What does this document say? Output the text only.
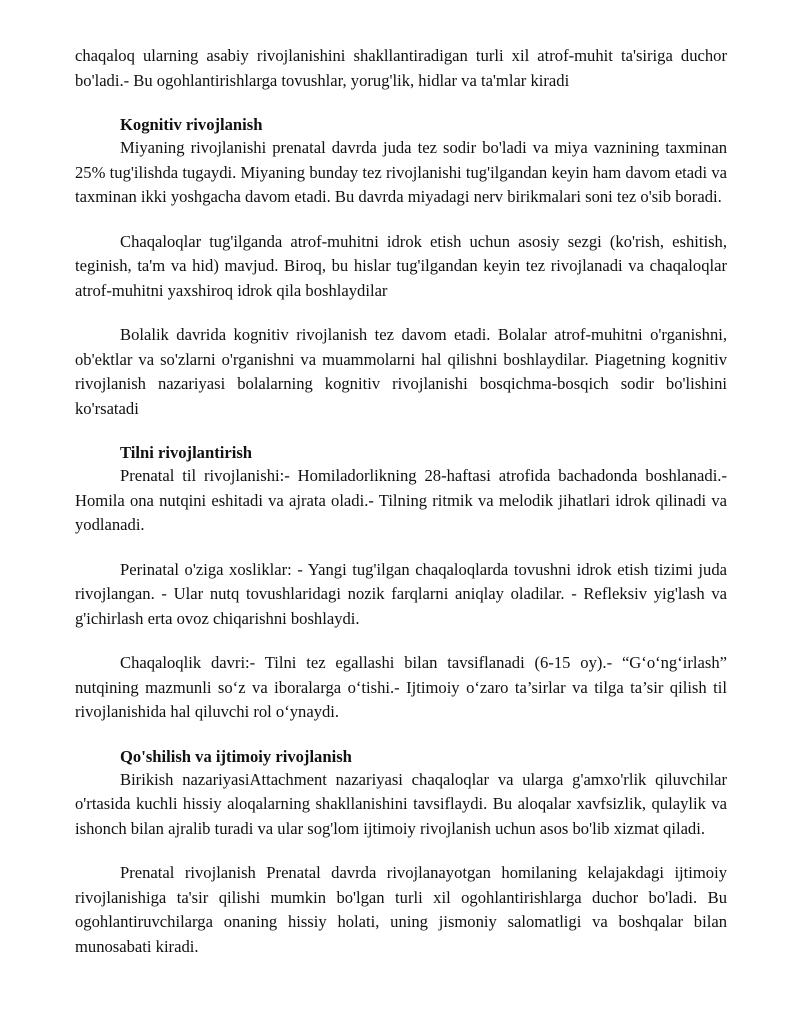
chaqaloq ularning asabiy rivojlanishini shakllantiradigan turli xil atrof-muhit ta'siriga duchor bo'ladi.- Bu ogohlantirishlarga tovushlar, yorug'lik, hidlar va ta'mlar kiradi

Kognitiv rivojlanish

Miyaning rivojlanishi prenatal davrda juda tez sodir bo'ladi va miya vaznining taxminan 25% tug'ilishda tugaydi. Miyaning bunday tez rivojlanishi tug'ilgandan keyin ham davom etadi va taxminan ikki yoshgacha davom etadi. Bu davrda miyadagi nerv birikmalari soni tez o'sib boradi.

Chaqaloqlar tug'ilganda atrof-muhitni idrok etish uchun asosiy sezgi (ko'rish, eshitish, teginish, ta'm va hid) mavjud. Biroq, bu hislar tug'ilgandan keyin tez rivojlanadi va chaqaloqlar atrof-muhitni yaxshiroq idrok qila boshlaydilar

Bolalik davrida kognitiv rivojlanish tez davom etadi. Bolalar atrof-muhitni o'rganishni, ob'ektlar va so'zlarni o'rganishni va muammolarni hal qilishni boshlaydilar. Piagetning kognitiv rivojlanish nazariyasi bolalarning kognitiv rivojlanishi bosqichma-bosqich sodir bo'lishini ko'rsatadi

Tilni rivojlantirish

Prenatal til rivojlanishi:- Homiladorlikning 28-haftasi atrofida bachadonda boshlanadi.- Homila ona nutqini eshitadi va ajrata oladi.- Tilning ritmik va melodik jihatlari idrok qilinadi va yodlanadi.

Perinatal o'ziga xosliklar: - Yangi tug'ilgan chaqaloqlarda tovushni idrok etish tizimi juda rivojlangan. - Ular nutq tovushlaridagi nozik farqlarni aniqlay oladilar. - Refleksiv yig'lash va g'ichirlash erta ovoz chiqarishni boshlaydi.

Chaqaloqlik davri:- Tilni tez egallashi bilan tavsiflanadi (6-15 oy).- “G‘o‘ng‘irlash” nutqining mazmunli so‘z va iboralarga o‘tishi.- Ijtimoiy o‘zaro ta’sirlar va tilga ta’sir qilish til rivojlanishida hal qiluvchi rol o‘ynaydi.

Qo'shilish va ijtimoiy rivojlanish

Birikish nazariyasiAttachment nazariyasi chaqaloqlar va ularga g'amxo'rlik qiluvchilar o'rtasida kuchli hissiy aloqalarning shakllanishini tavsiflaydi. Bu aloqalar xavfsizlik, qulaylik va ishonch bilan ajralib turadi va ular sog'lom ijtimoiy rivojlanish uchun asos bo'lib xizmat qiladi.

Prenatal rivojlanish Prenatal davrda rivojlanayotgan homilaning kelajakdagi ijtimoiy rivojlanishiga ta'sir qilishi mumkin bo'lgan turli xil ogohlantirishlarga duchor bo'ladi. Bu ogohlantiruvchilarga onaning hissiy holati, uning jismoniy salomatligi va boshqalar bilan munosabati kiradi.
